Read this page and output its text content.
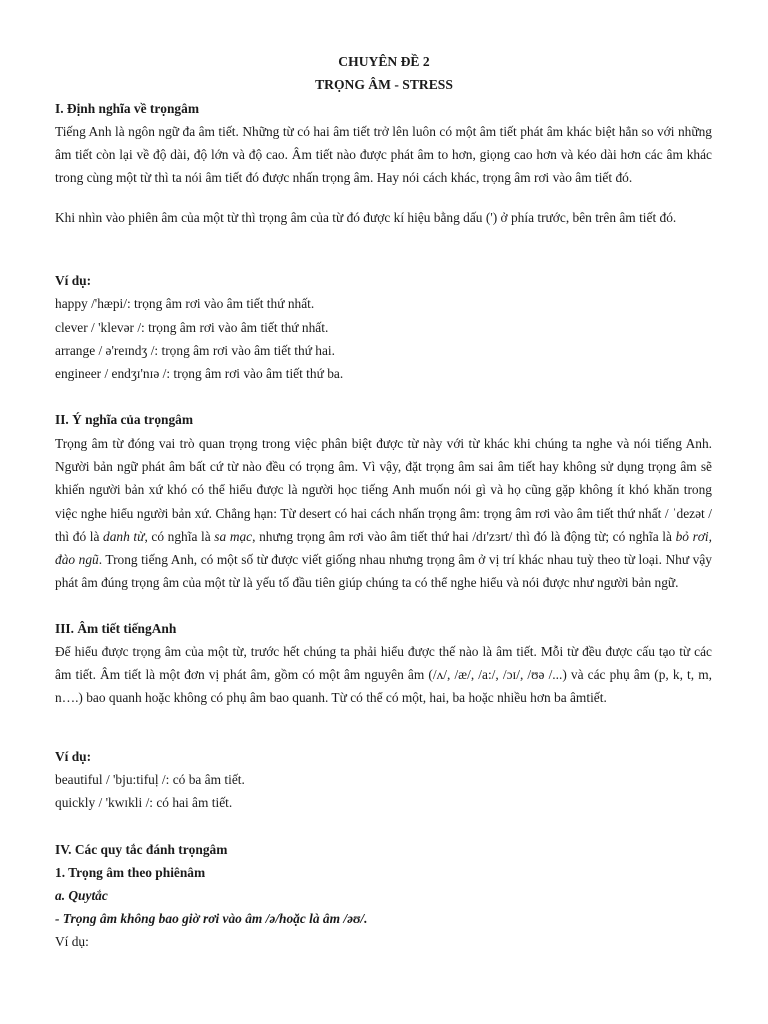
CHUYÊN ĐỀ 2
TRỌNG ÂM - STRESS
I. Định nghĩa về trọngâm
Tiếng Anh là ngôn ngữ đa âm tiết. Những từ có hai âm tiết trở lên luôn có một âm tiết phát âm khác biệt hẳn so với những âm tiết còn lại về độ dài, độ lớn và độ cao. Âm tiết nào được phát âm to hơn, giọng cao hơn và kéo dài hơn các âm khác trong cùng một từ thì ta nói âm tiết đó được nhấn trọng âm. Hay nói cách khác, trọng âm rơi vào âm tiết đó.
Khi nhìn vào phiên âm của một từ thì trọng âm của từ đó được kí hiệu bằng dấu (') ở phía trước, bên trên âm tiết đó.
Ví dụ:
happy /'hæpi/: trọng âm rơi vào âm tiết thứ nhất.
clever / 'klevər /: trọng âm rơi vào âm tiết thứ nhất.
arrange / ə'reɪndʒ /: trọng âm rơi vào âm tiết thứ hai.
engineer / endʒɪ'nɪə /: trọng âm rơi vào âm tiết thứ ba.
II. Ý nghĩa của trọngâm
Trọng âm từ đóng vai trò quan trọng trong việc phân biệt được từ này với từ khác khi chúng ta nghe và nói tiếng Anh. Người bản ngữ phát âm bất cứ từ nào đều có trọng âm. Vì vậy, đặt trọng âm sai âm tiết hay không sử dụng trọng âm sẽ khiến người bản xứ khó có thể hiểu được là người học tiếng Anh muốn nói gì và họ cũng gặp không ít khó khăn trong việc nghe hiểu người bản xứ. Chẳng hạn: Từ desert có hai cách nhấn trọng âm: trọng âm rơi vào âm tiết thứ nhất / ˈdezət / thì đó là danh từ, có nghĩa là sa mạc, nhưng trọng âm rơi vào âm tiết thứ hai /dɪ'zɜrt/ thì đó là động từ; có nghĩa là bỏ rơi, đào ngũ. Trong tiếng Anh, có một số từ được viết giống nhau nhưng trọng âm ở vị trí khác nhau tuỳ theo từ loại. Như vậy phát âm đúng trọng âm của một từ là yếu tố đầu tiên giúp chúng ta có thể nghe hiểu và nói được như người bản ngữ.
III. Âm tiết tiếngAnh
Để hiểu được trọng âm của một từ, trước hết chúng ta phải hiểu được thế nào là âm tiết. Mỗi từ đều được cấu tạo từ các âm tiết. Âm tiết là một đơn vị phát âm, gồm có một âm nguyên âm (/ʌ/, /æ/, /a:/, /ɔɪ/, /ʊə /...) và các phụ âm (p, k, t, m, n….) bao quanh hoặc không có phụ âm bao quanh. Từ có thể có một, hai, ba hoặc nhiều hơn ba âmtiết.
Ví dụ:
beautiful / 'bju:tifuḷ /: có ba âm tiết.
quickly / 'kwɪkli /: có hai âm tiết.
IV. Các quy tắc đánh trọngâm
1. Trọng âm theo phiênâm
a. Quytắc
- Trọng âm không bao giờ rơi vào âm /ə/hoặc là âm /əʊ/.
Ví dụ:
